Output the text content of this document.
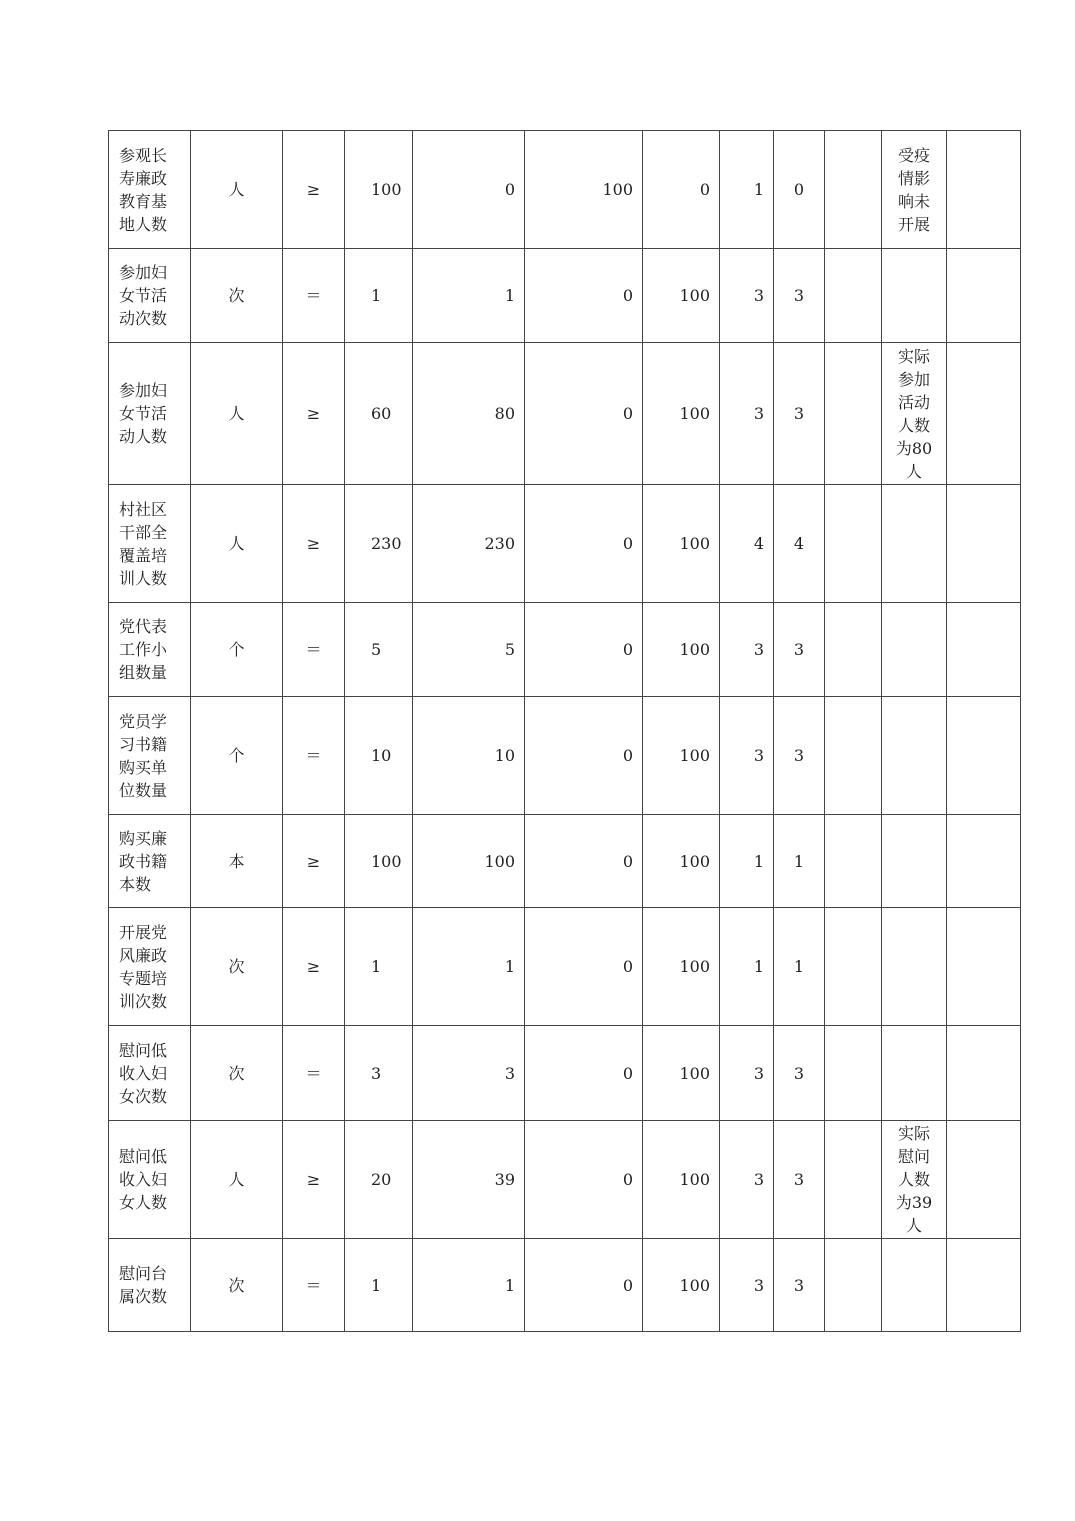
参观长寿廉政教育基地人数	人	≥	100	0	100	0	1	0		受疫情影响未开展	

参加妇女节活动次数	次	＝	1	1	0	100	3	3		

参加妇女节活动人数	人	≥	60	80	0	100	3	3		实际参加活动人数为80人	

村社区干部全覆盖培训人数	人	≥	230	230	0	100	4	4		

党代表工作小组数量	个	＝	5	5	0	100	3	3		

党员学习书籍购买单位数量	个	＝	10	10	0	100	3	3		

购买廉政书籍本数	本	≥	100	100	0	100	1	1		

开展党风廉政专题培训次数	次	≥	1	1	0	100	1	1		

慰问低收入妇女次数	次	＝	3	3	0	100	3	3		

慰问低收入妇女人数	人	≥	20	39	0	100	3	3		实际慰问人数为39人	

慰问台属次数	次	＝	1	1	0	100	3	3		
